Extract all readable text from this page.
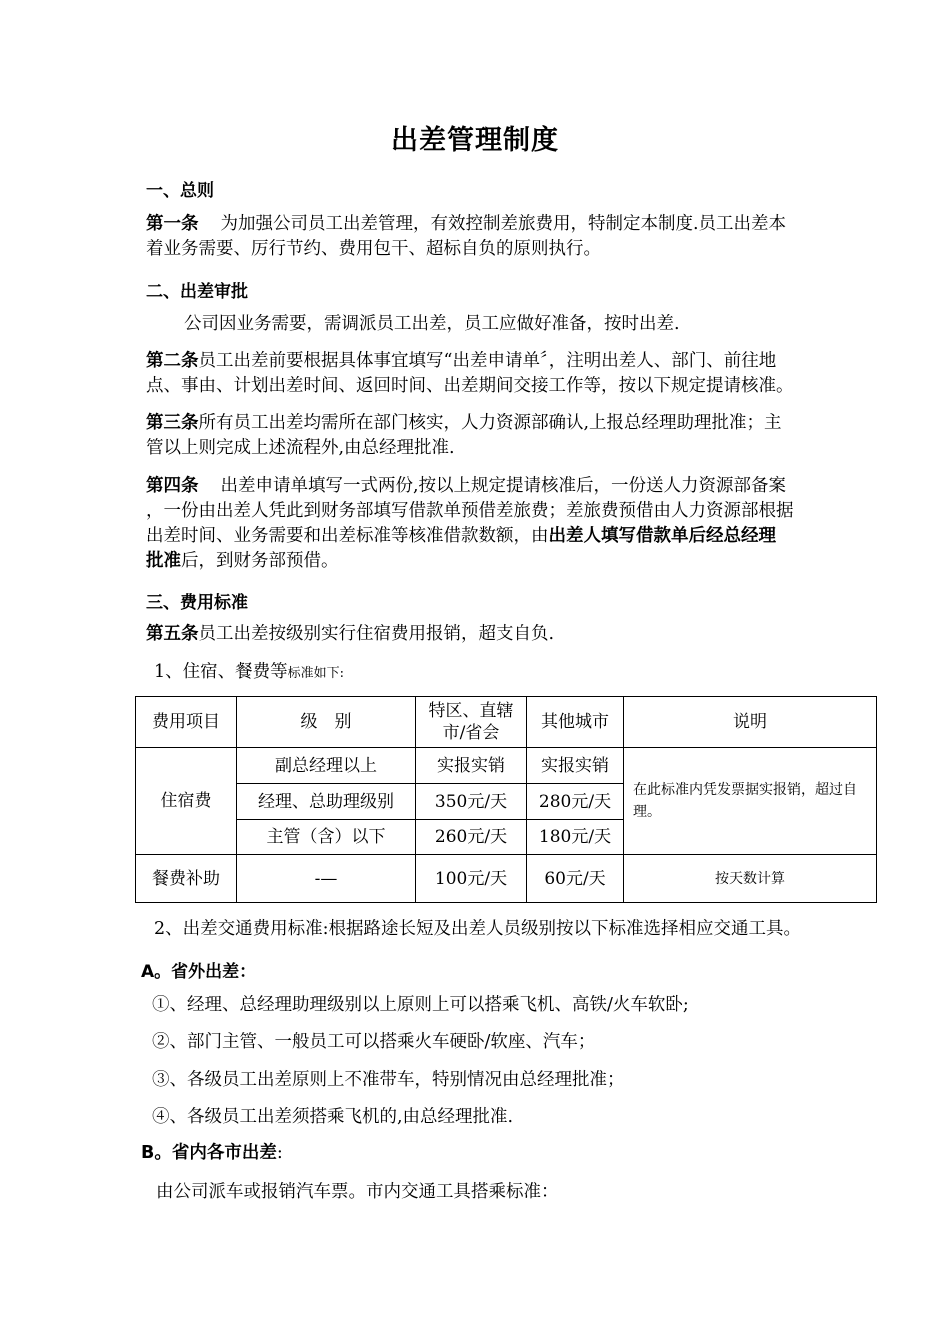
出差管理制度
一、总则
第一条 为加强公司员工出差管理，有效控制差旅费用，特制定本制度.员工出差本
着业务需要、厉行节约、费用包干、超标自负的原则执行。
二、出差审批
公司因业务需要，需调派员工出差，员工应做好准备，按时出差.
第二条员工出差前要根据具体事宜填写“出差申请单〞，注明出差人、部门、前往地
点、事由、计划出差时间、返回时间、出差期间交接工作等，按以下规定提请核准。
第三条所有员工出差均需所在部门核实，人力资源部确认,上报总经理助理批准；主
管以上则完成上述流程外,由总经理批准.
第四条 出差申请单填写一式两份,按以上规定提请核准后，一份送人力资源部备案
，一份由出差人凭此到财务部填写借款单预借差旅费；差旅费预借由人力资源部根据
出差时间、业务需要和出差标准等核准借款数额，由出差人填写借款单后经总经理
批准后，到财务部预借。
三、费用标准
第五条员工出差按级别实行住宿费用报销，超支自负.
1、住宿、餐费等标准如下:
费用项目	级　别	特区、直辖市/省会	其他城市	说明
住宿费	副总经理以上	实报实销	实报实销	在此标准内凭发票据实报销，超过自理。
	经理、总助理级别	350元/天	280元/天	
	主管（含）以下	260元/天	180元/天	
餐费补助	-—	100元/天	60元/天	按天数计算
2、出差交通费用标准:根据路途长短及出差人员级别按以下标准选择相应交通工具。
A。省外出差：
①、经理、总经理助理级别以上原则上可以搭乘飞机、高铁/火车软卧;
②、部门主管、一般员工可以搭乘火车硬卧/软座、汽车；
③、各级员工出差原则上不准带车，特别情况由总经理批准；
④、各级员工出差须搭乘飞机的,由总经理批准.
B。省内各市出差:
由公司派车或报销汽车票。市内交通工具搭乘标准：
